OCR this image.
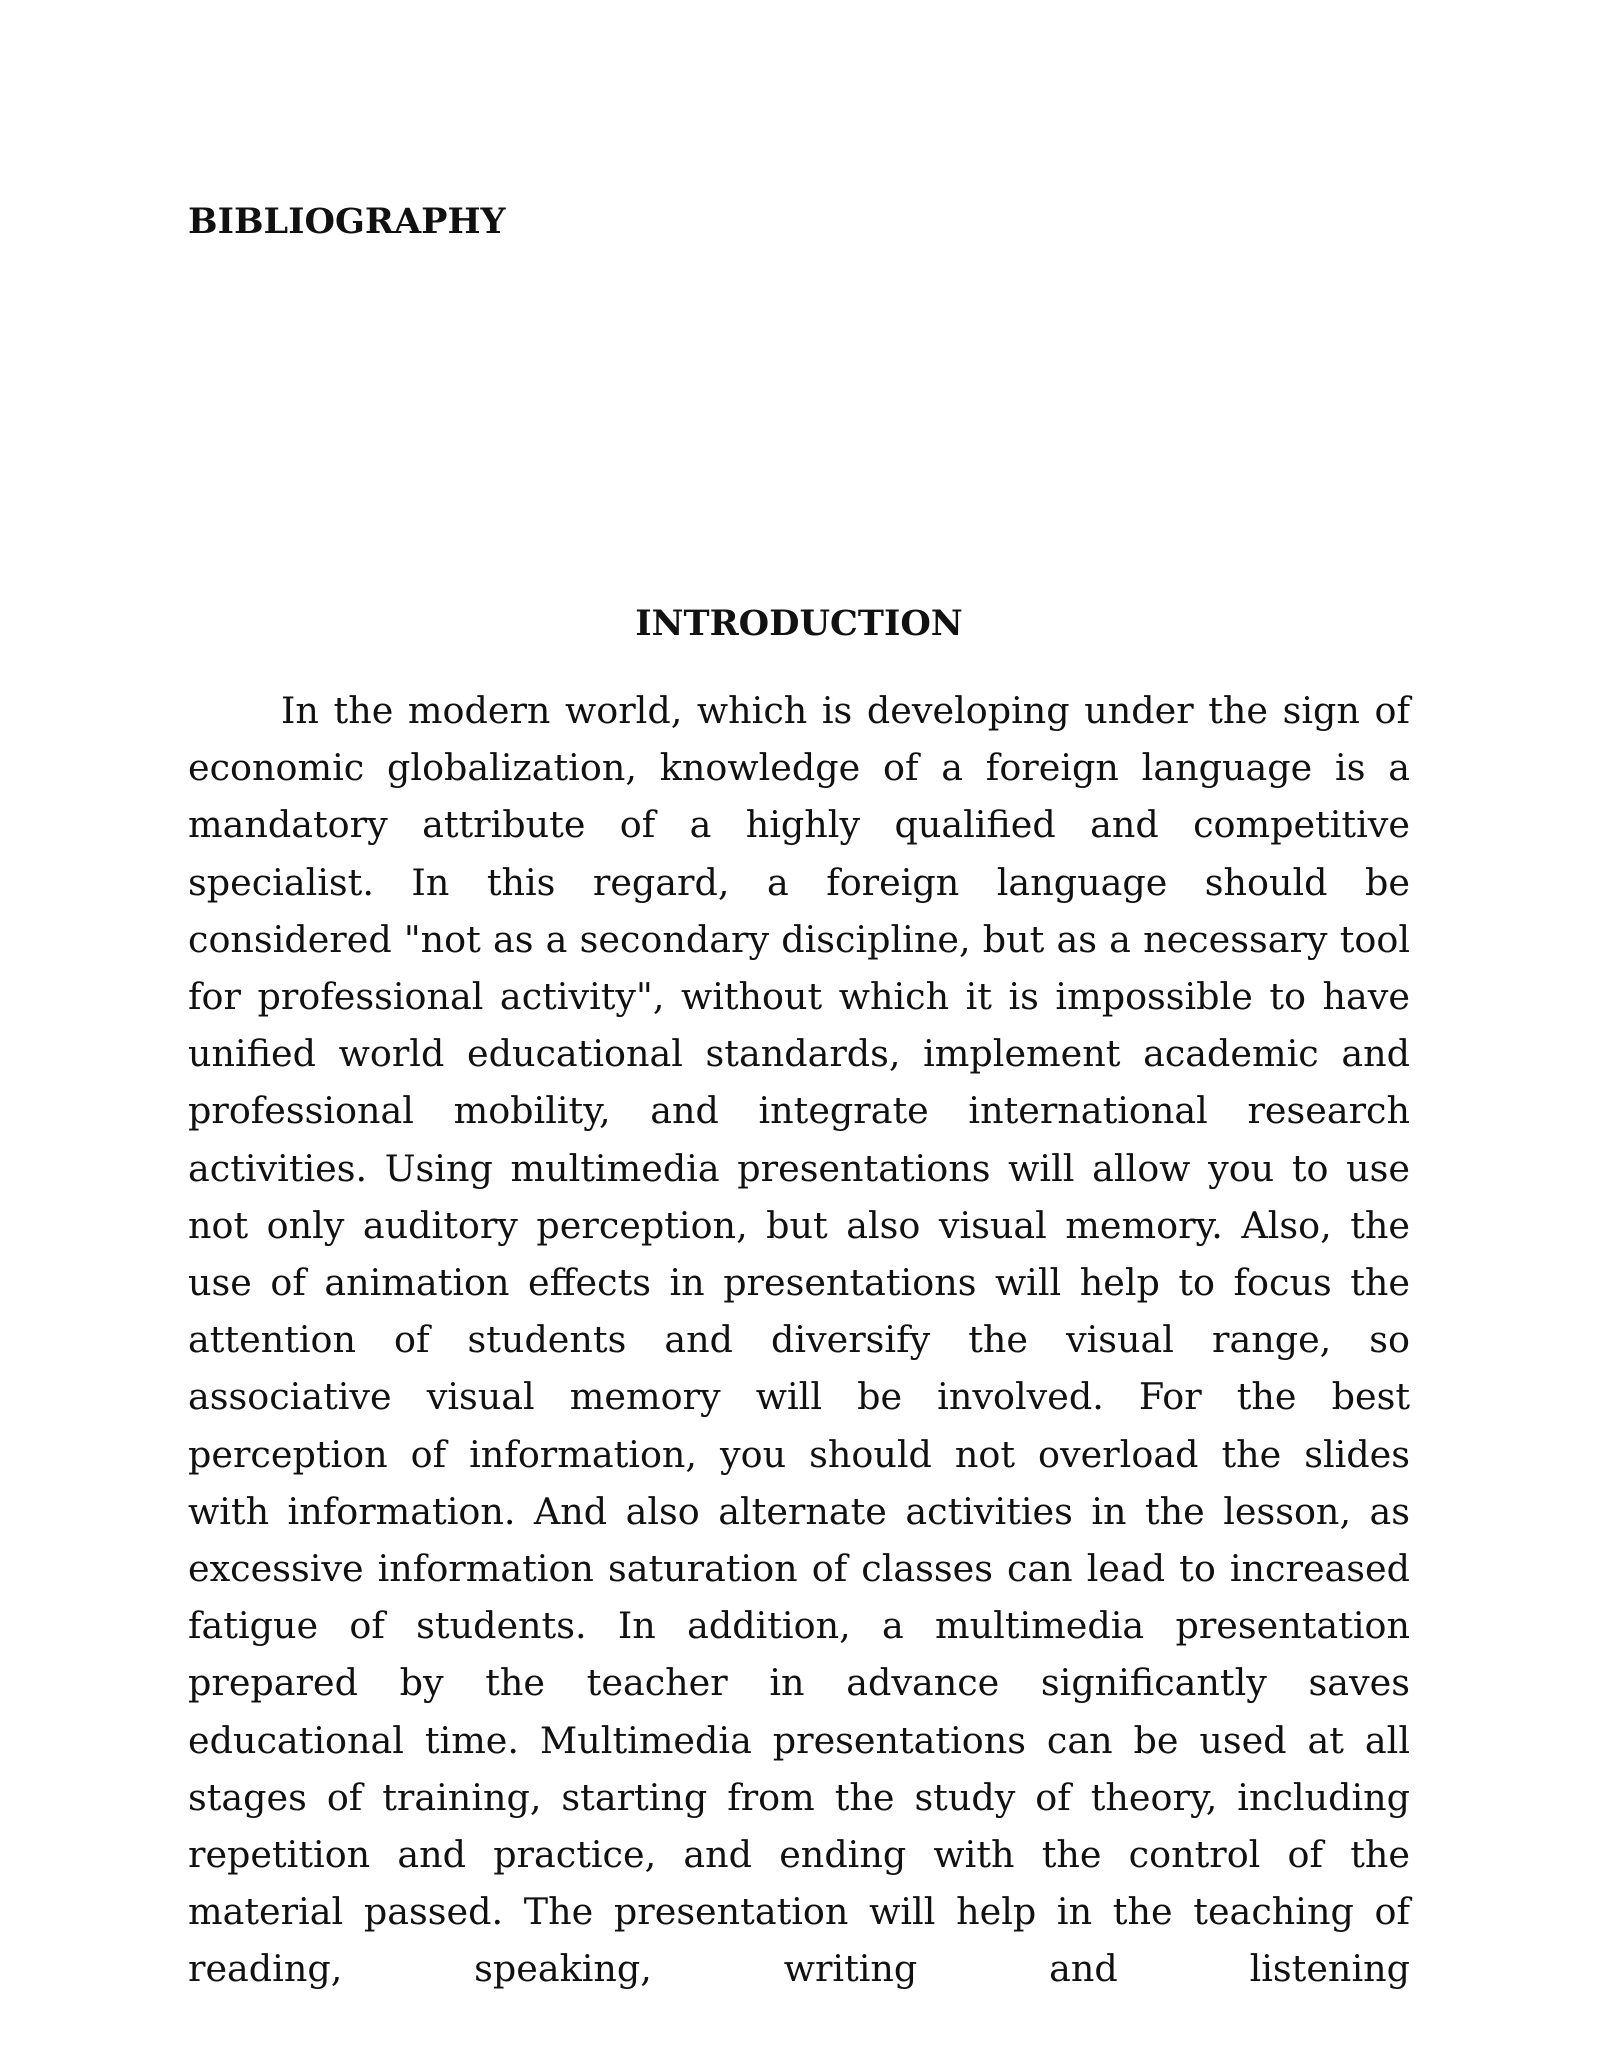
BIBLIOGRAPHY
INTRODUCTION

In the modern world, which is developing under the sign of economic globalization, knowledge of a foreign language is a mandatory attribute of a highly qualified and competitive specialist. In this regard, a foreign language should be considered "not as a secondary discipline, but as a necessary tool for professional activity", without which it is impossible to have unified world educational standards, implement academic and professional mobility, and integrate international research activities. Using multimedia presentations will allow you to use not only auditory perception, but also visual memory. Also, the use of animation effects in presentations will help to focus the attention of students and diversify the visual range, so associative visual memory will be involved. For the best perception of information, you should not overload the slides with information. And also alternate activities in the lesson, as excessive information saturation of classes can lead to increased fatigue of students. In addition, a multimedia presentation prepared by the teacher in advance significantly saves educational time. Multimedia presentations can be used at all stages of training, starting from the study of theory, including repetition and practice, and ending with the control of the material passed. The presentation will help in the teaching of reading, speaking, writing and listening
